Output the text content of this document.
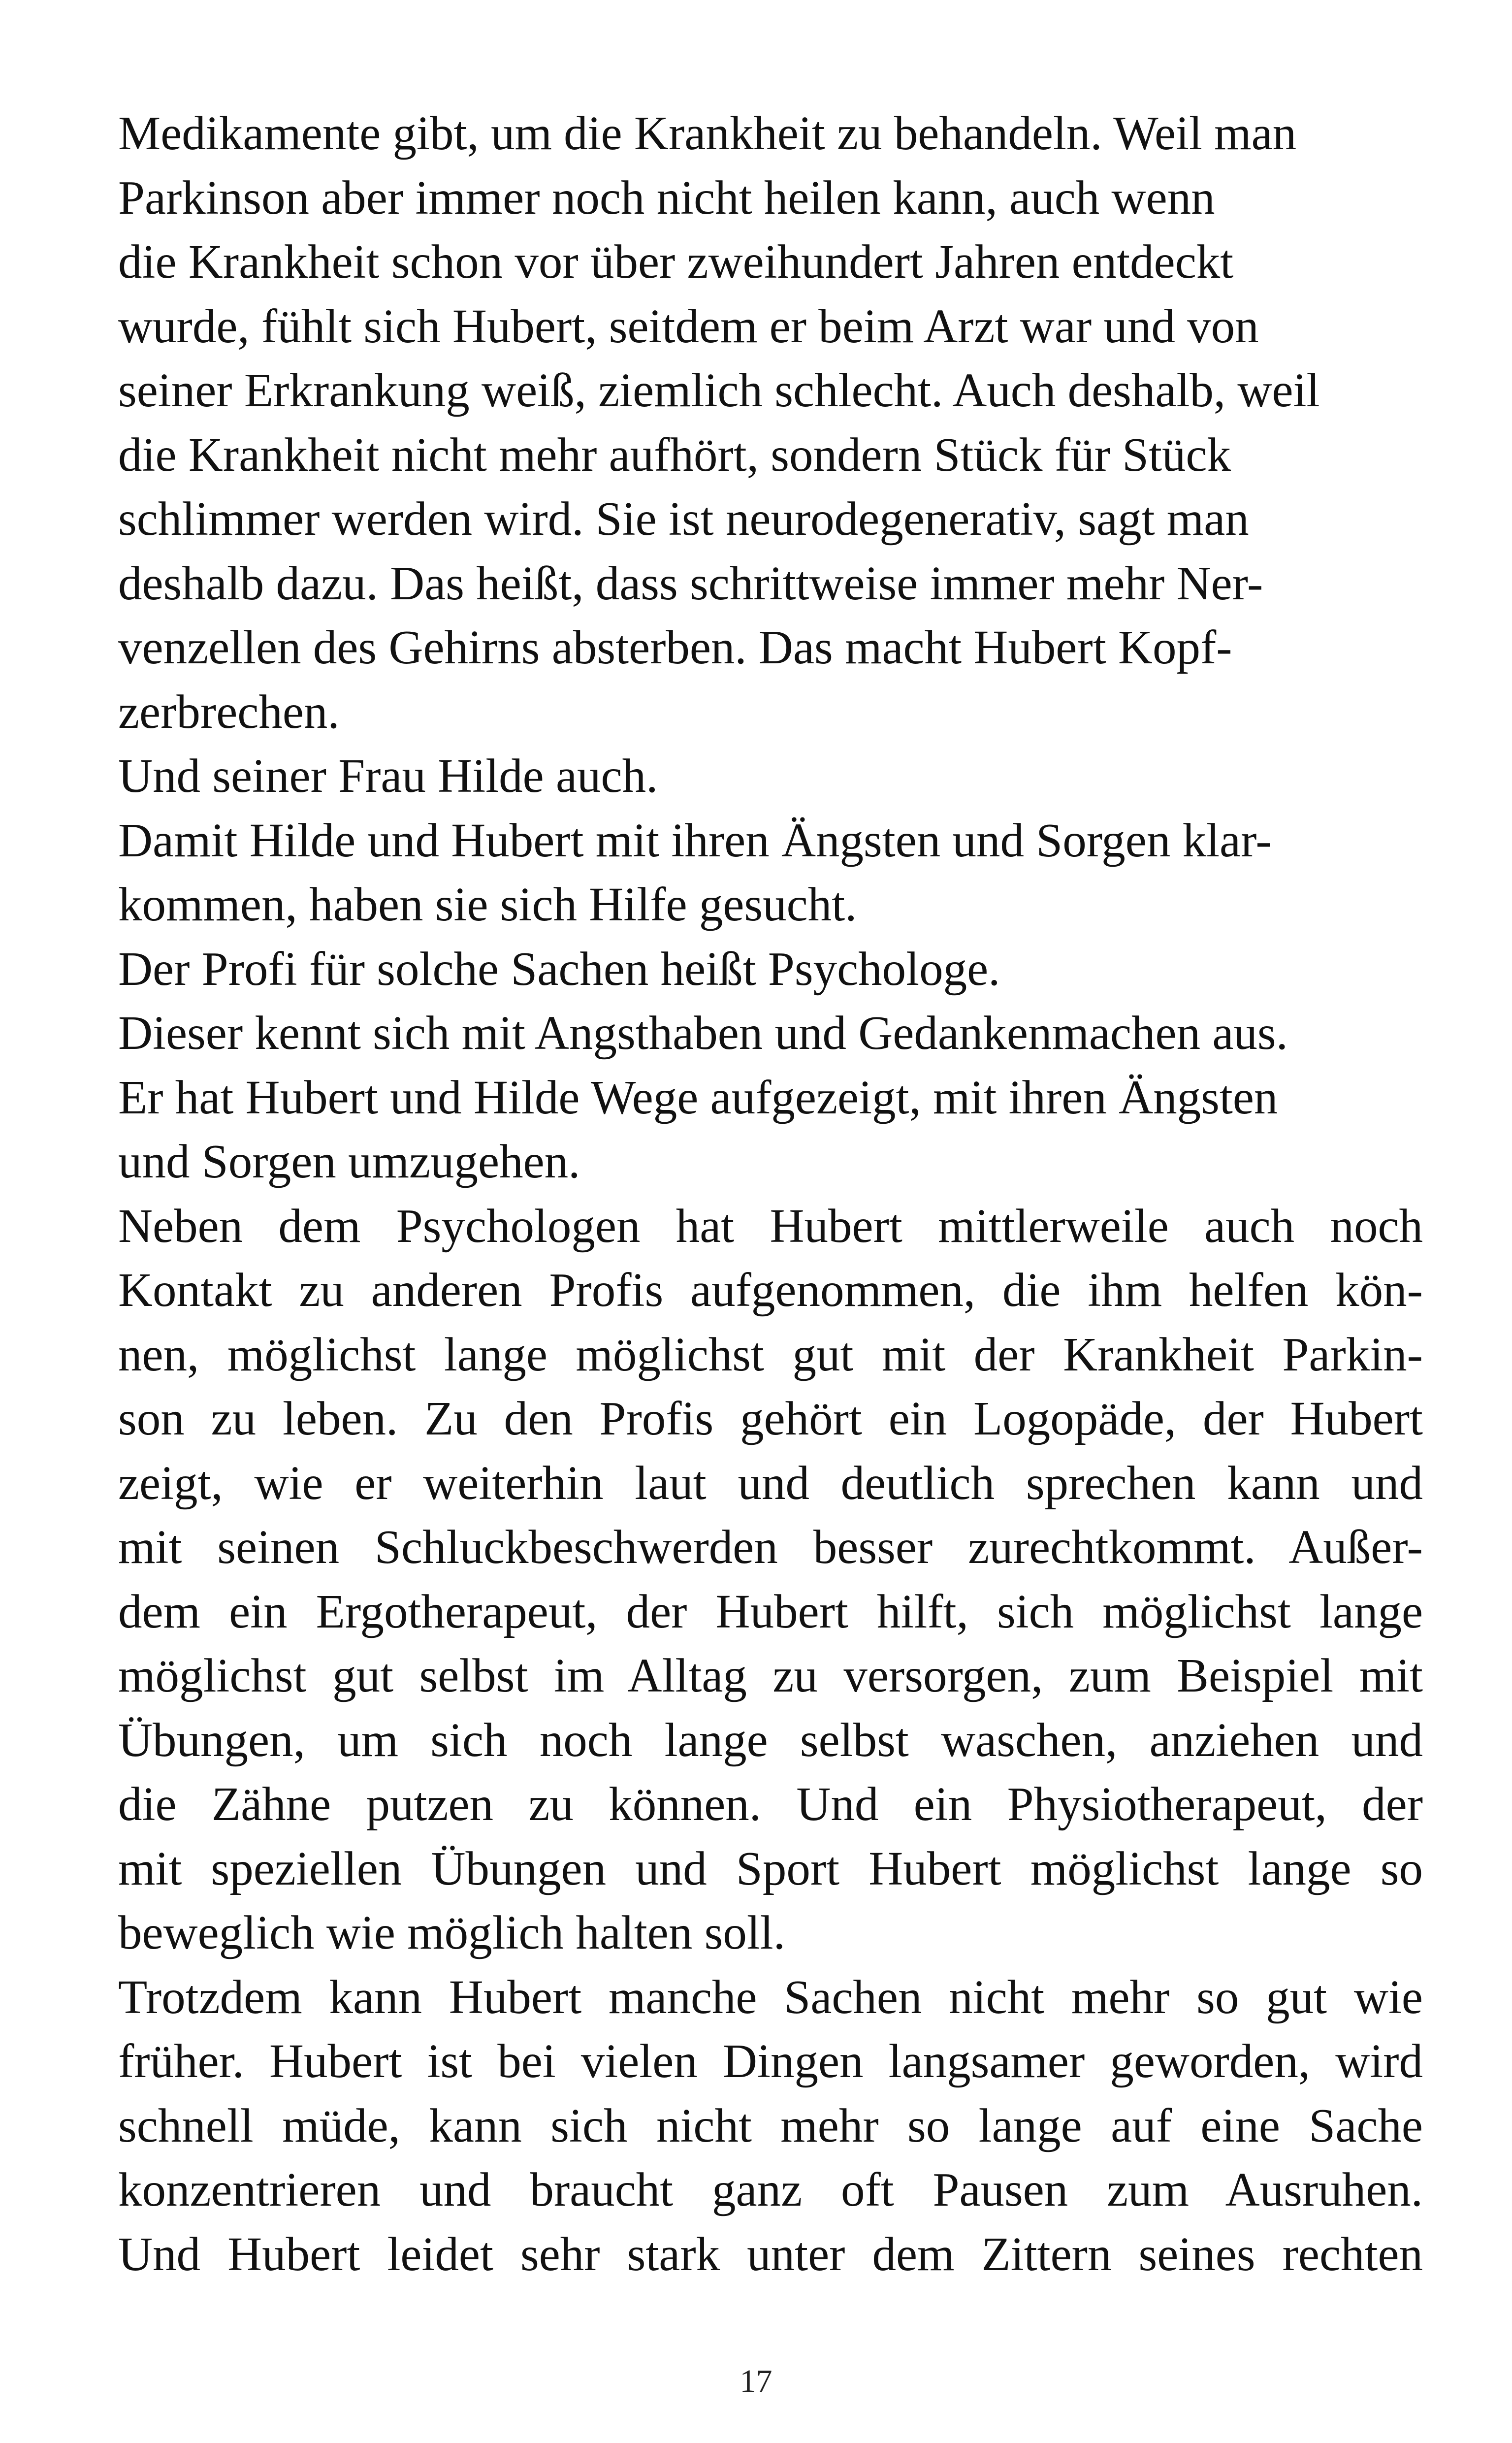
Medikamente gibt, um die Krankheit zu behandeln. Weil man
Parkinson aber immer noch nicht heilen kann, auch wenn
die Krankheit schon vor über zweihundert Jahren entdeckt
wurde, fühlt sich Hubert, seitdem er beim Arzt war und von
seiner Erkrankung weiß, ziemlich schlecht. Auch deshalb, weil
die Krankheit nicht mehr aufhört, sondern Stück für Stück
schlimmer werden wird. Sie ist neurodegenerativ, sagt man
deshalb dazu. Das heißt, dass schrittweise immer mehr Ner-
venzellen des Gehirns absterben. Das macht Hubert Kopf-
zerbrechen.
Und seiner Frau Hilde auch.
Damit Hilde und Hubert mit ihren Ängsten und Sorgen klar-
kommen, haben sie sich Hilfe gesucht.
Der Profi für solche Sachen heißt Psychologe.
Dieser kennt sich mit Angsthaben und Gedankenmachen aus.
Er hat Hubert und Hilde Wege aufgezeigt, mit ihren Ängsten
und Sorgen umzugehen.
Neben dem Psychologen hat Hubert mittlerweile auch noch
Kontakt zu anderen Profis aufgenommen, die ihm helfen kön-
nen, möglichst lange möglichst gut mit der Krankheit Parkin-
son zu leben. Zu den Profis gehört ein Logopäde, der Hubert
zeigt, wie er weiterhin laut und deutlich sprechen kann und
mit seinen Schluckbeschwerden besser zurechtkommt. Außer-
dem ein Ergotherapeut, der Hubert hilft, sich möglichst lange
möglichst gut selbst im Alltag zu versorgen, zum Beispiel mit
Übungen, um sich noch lange selbst waschen, anziehen und
die Zähne putzen zu können. Und ein Physiotherapeut, der
mit speziellen Übungen und Sport Hubert möglichst lange so
beweglich wie möglich halten soll.
Trotzdem kann Hubert manche Sachen nicht mehr so gut wie
früher. Hubert ist bei vielen Dingen langsamer geworden, wird
schnell müde, kann sich nicht mehr so lange auf eine Sache
konzentrieren und braucht ganz oft Pausen zum Ausruhen.
Und Hubert leidet sehr stark unter dem Zittern seines rechten
17
